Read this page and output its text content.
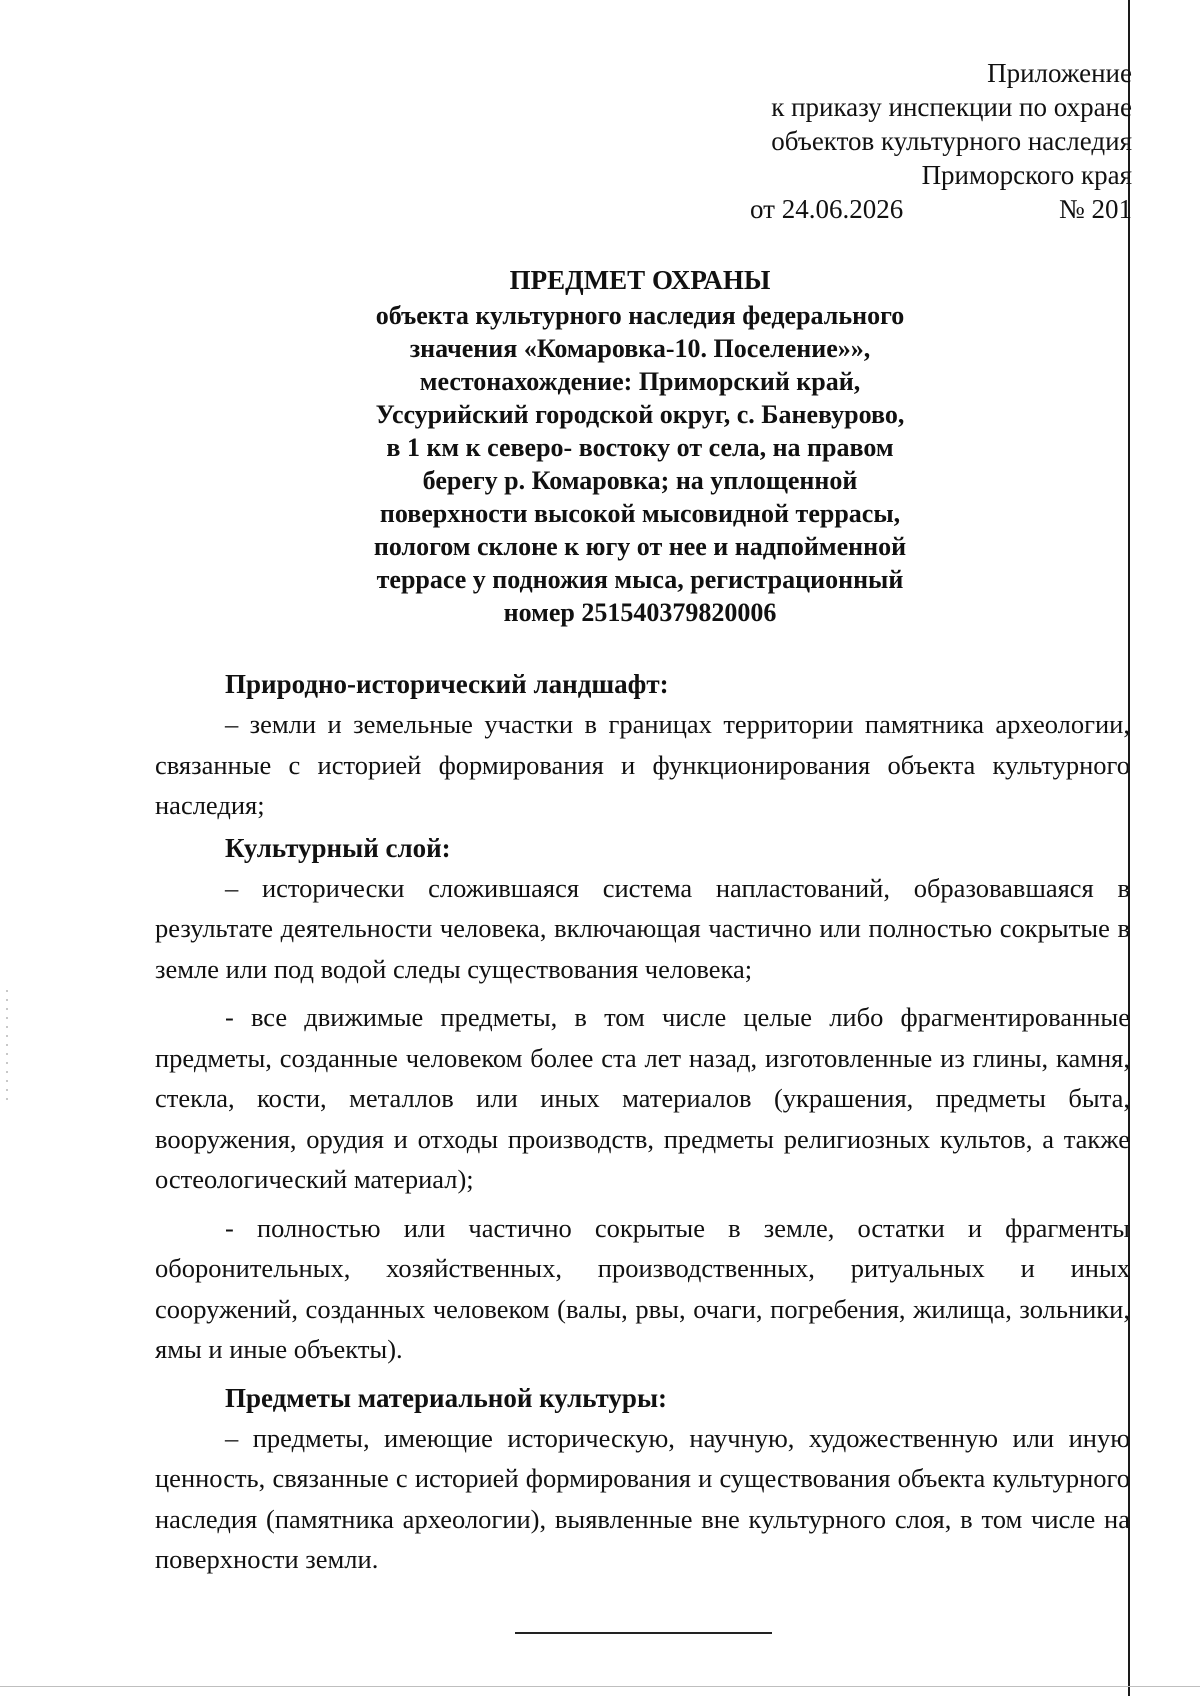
Приложение
к приказу инспекции по охране
объектов культурного наследия
Приморского края
от 24.06.2026	№ 201
ПРЕДМЕТ ОХРАНЫ
объекта культурного наследия федерального
значения «Комаровка-10. Поселение»»,
местонахождение: Приморский край,
Уссурийский городской округ, с. Баневурово,
в 1 км к северо- востоку от села, на правом
берегу р. Комаровка; на уплощенной
поверхности высокой мысовидной террасы,
пологом склоне к югу от нее и надпойменной
террасе у подножия мыса, регистрационный
номер 251540379820006
Природно-исторический ландшафт:

– земли и земельные участки в границах территории памятника археологии, связанные с историей формирования и функционирования объекта культурного наследия;

Культурный слой:

– исторически сложившаяся система напластований, образовавшаяся в результате деятельности человека, включающая частично или полностью сокрытые в земле или под водой следы существования человека;

- все движимые предметы, в том числе целые либо фрагментированные предметы, созданные человеком более ста лет назад, изготовленные из глины, камня, стекла, кости, металлов или иных материалов (украшения, предметы быта, вооружения, орудия и отходы производств, предметы религиозных культов, а также остеологический материал);

- полностью или частично сокрытые в земле, остатки и фрагменты оборонительных, хозяйственных, производственных, ритуальных и иных сооружений, созданных человеком (валы, рвы, очаги, погребения, жилища, зольники, ямы и иные объекты).

Предметы материальной культуры:

– предметы, имеющие историческую, научную, художественную или иную ценность, связанные с историей формирования и существования объекта культурного наследия (памятника археологии), выявленные вне культурного слоя, в том числе на поверхности земли.
